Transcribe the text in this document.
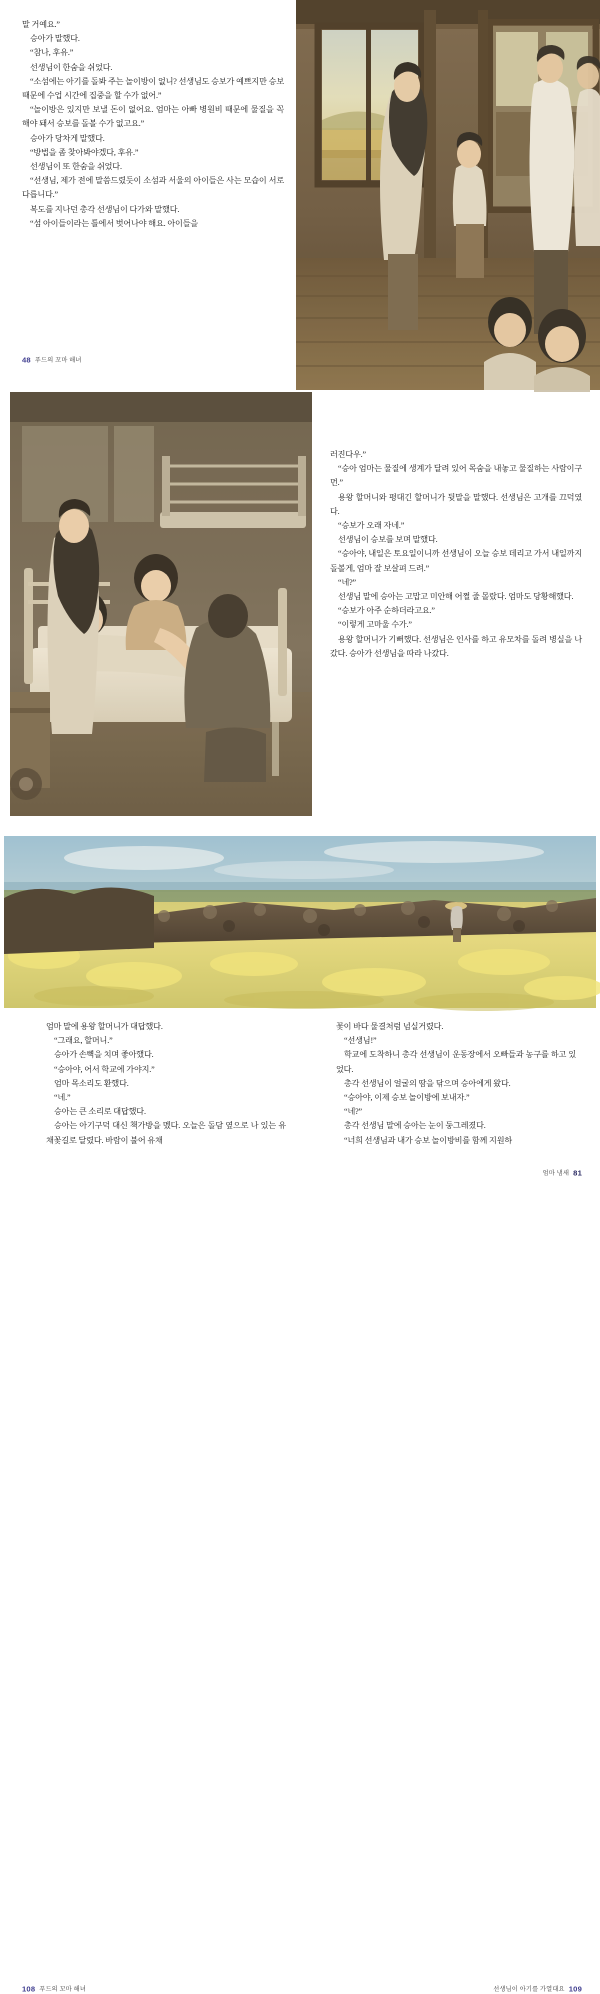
말 거예요.”

승아가 말했다.

“참나, 후유.”

선생님이 한숨을 쉬었다.

“소섬에는 아기를 돌봐 주는 놀이방이 없니? 선생님도 승보가 예쁘지만 승보 때문에 수업 시간에 집중을 할 수가 없어.”

“놀이방은 있지만 보낼 돈이 없어요. 엄마는 아빠 병원비 때문에 물질을 꼭 해야 돼서 승보를 돌볼 수가 없고요.”

승아가 당차게 말했다.

“방법을 좀 찾아봐야겠다, 후유.”

선생님이 또 한숨을 쉬었다.

“선생님, 제가 전에 말씀드렸듯이 소섬과 서울의 아이들은 사는 모습이 서로 다릅니다.”

복도를 지나던 총각 선생님이 다가와 말했다.

“섬 아이들이라는 틀에서 벗어나야 해요. 아이들을

48 푸드의 꼬마 해녀

러진다우.”

“승아 엄마는 물질에 생계가 달려 있어 목숨을 내놓고 물질하는 사람이구먼.”

용왕 할머니와 평대긴 할머니가 뒷말을 말했다. 선생님은 고개를 끄덕였다.

“승보가 오래 자네.”

선생님이 승보를 보며 말했다.

“승아야, 내일은 토요일이니까 선생님이 오늘 승보 데리고 가서 내일까지 돌볼게, 엄마 잘 보살펴 드려.”

“네?”

선생님 말에 승아는 고맙고 미안해 어쩔 줄 몰랐다. 엄마도 당황해했다.

“승보가 아주 순하더라고요.”

“이렇게 고마울 수가.”

용왕 할머니가 기뻐했다. 선생님은 인사를 하고 유모차를 돌려 병실을 나갔다. 승아가 선생님을 따라 나갔다.

엄마 냄새 81

엄마 말에 용왕 할머니가 대답했다.

“그래요, 할머니.”

승아가 손뼉을 치며 좋아했다.

“승아야, 어서 학교에 가야지.”

엄마 목소리도 환했다.

“네.”

승아는 큰 소리로 대답했다.

승아는 아기구덕 대신 책가방을 멨다. 오늘은 돌담 옆으로 나 있는 유채꽃길로 달렸다. 바람이 불어 유채

꽃이 바다 물결처럼 넘실거렸다.

“선생님!”

학교에 도착하니 총각 선생님이 운동장에서 오빠들과 농구를 하고 있었다.

총각 선생님이 얼굴의 땀을 닦으며 승아에게 왔다.

“승아야, 이제 승보 놀이방에 보내자.”

“네?”

총각 선생님 말에 승아는 눈이 둥그레졌다.

“너희 선생님과 내가 승보 놀이방비를 함께 지원하

108 푸드의 꼬마 해녀	선생님이 아기를 가열대요 109
